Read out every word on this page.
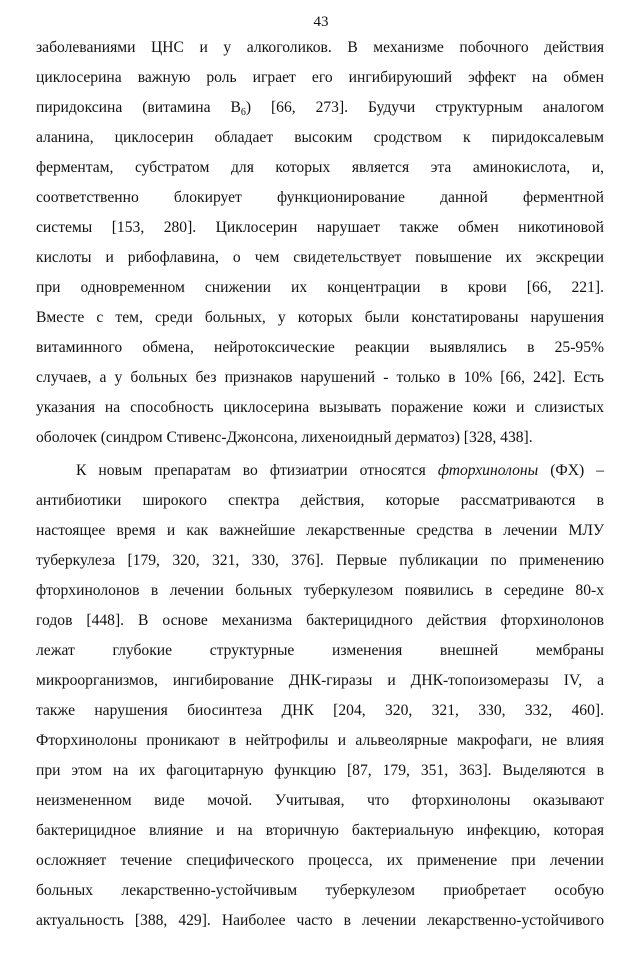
43
заболеваниями ЦНС и у алкоголиков. В механизме побочного действия
циклосерина важную роль играет его ингибируюший эффект на обмен
пиридоксина (витамина $В_6$) [66, 273]. Будучи структурным аналогом
аланина, циклосерин обладает высоким сродством к пиридоксалевым
ферментам, субстратом для которых является эта аминокислота, и,
соответственно блокирует функционирование данной ферментной
системы [153, 280]. Циклосерин нарушает также обмен никотиновой
кислоты и рибофлавина, о чем свидетельствует повышение их экскреции
при одновременном снижении их концентрации в крови [66, 221].
Вместе с тем, среди больных, у которых были констатированы нарушения
витаминного обмена, нейротоксические реакции выявлялись в 25-95%
случаев, а у больных без признаков нарушений - только в 10% [66, 242]. Есть
указания на способность циклосерина вызывать поражение кожи и слизистых
оболочек (синдром Стивенс-Джонсона, лихеноидный дерматоз) [328, 438].
К новым препаратам во фтизиатрии относятся фторхинолоны (ФХ) –
антибиотики широкого спектра действия, которые рассматриваются в
настоящее время и как важнейшие лекарственные средства в лечении МЛУ
туберкулеза [179, 320, 321, 330, 376]. Первые публикации по применению
фторхинолонов в лечении больных туберкулезом появились в середине 80-х
годов [448]. В основе механизма бактерицидного действия фторхинолонов
лежат глубокие структурные изменения внешней мембраны
микроорганизмов, ингибирование ДНК-гиразы и ДНК-топоизомеразы IV, а
также нарушения биосинтеза ДНК [204, 320, 321, 330, 332, 460].
Фторхинолоны проникают в нейтрофилы и альвеолярные макрофаги, не влияя
при этом на их фагоцитарную функцию [87, 179, 351, 363]. Выделяются в
неизмененном виде мочой. Учитывая, что фторхинолоны оказывают
бактерицидное влияние и на вторичную бактериальную инфекцию, которая
осложняет течение специфического процесса, их применение при лечении
больных лекарственно-устойчивым туберкулезом приобретает особую
актуальность [388, 429]. Наиболее часто в лечении лекарственно-устойчивого
